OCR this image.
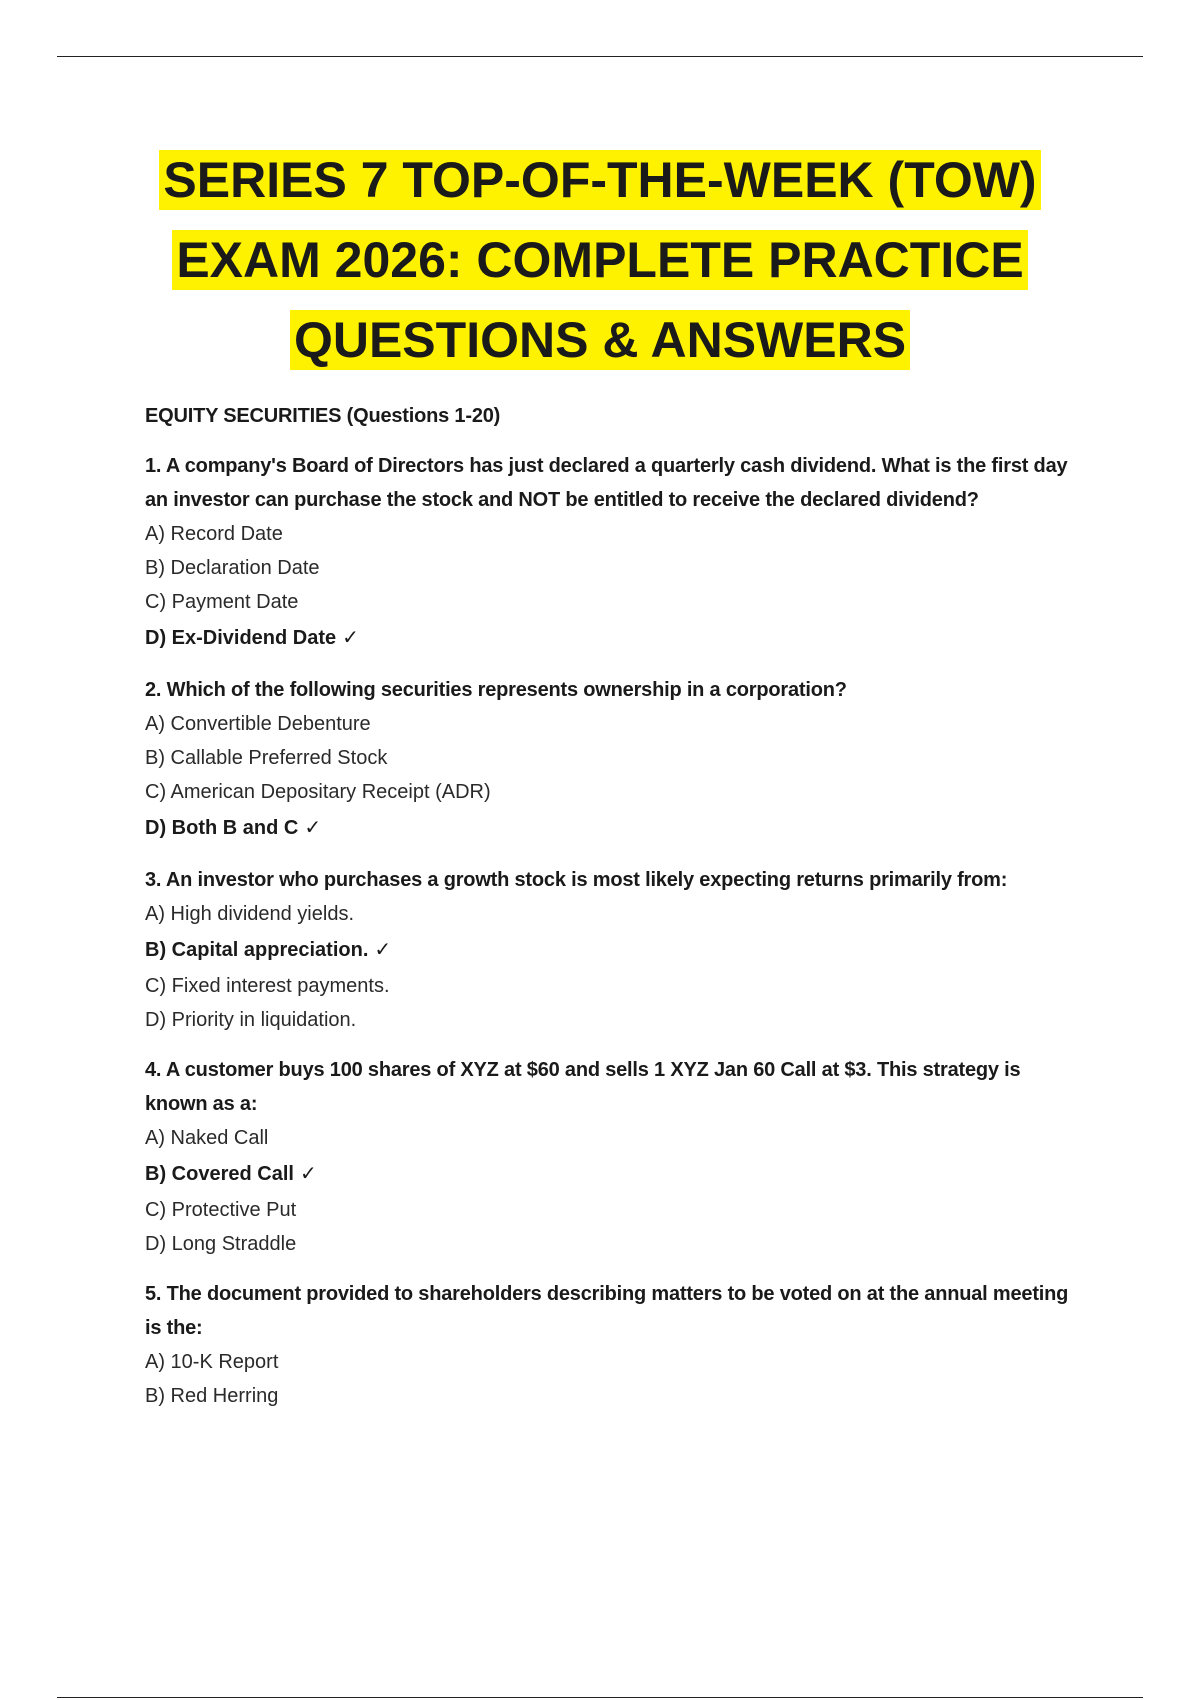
SERIES 7 TOP-OF-THE-WEEK (TOW)
EXAM 2026: COMPLETE PRACTICE
QUESTIONS & ANSWERS

EQUITY SECURITIES (Questions 1-20)

1. A company's Board of Directors has just declared a quarterly cash dividend. What is the first day an investor can purchase the stock and NOT be entitled to receive the declared dividend?

A) Record Date

B) Declaration Date

C) Payment Date

D) Ex-Dividend Date ✓

2. Which of the following securities represents ownership in a corporation?

A) Convertible Debenture

B) Callable Preferred Stock

C) American Depositary Receipt (ADR)

D) Both B and C ✓

3. An investor who purchases a growth stock is most likely expecting returns primarily from:

A) High dividend yields.

B) Capital appreciation. ✓

C) Fixed interest payments.

D) Priority in liquidation.

4. A customer buys 100 shares of XYZ at $60 and sells 1 XYZ Jan 60 Call at $3. This strategy is known as a:

A) Naked Call

B) Covered Call ✓

C) Protective Put

D) Long Straddle

5. The document provided to shareholders describing matters to be voted on at the annual meeting is the:

A) 10-K Report

B) Red Herring
